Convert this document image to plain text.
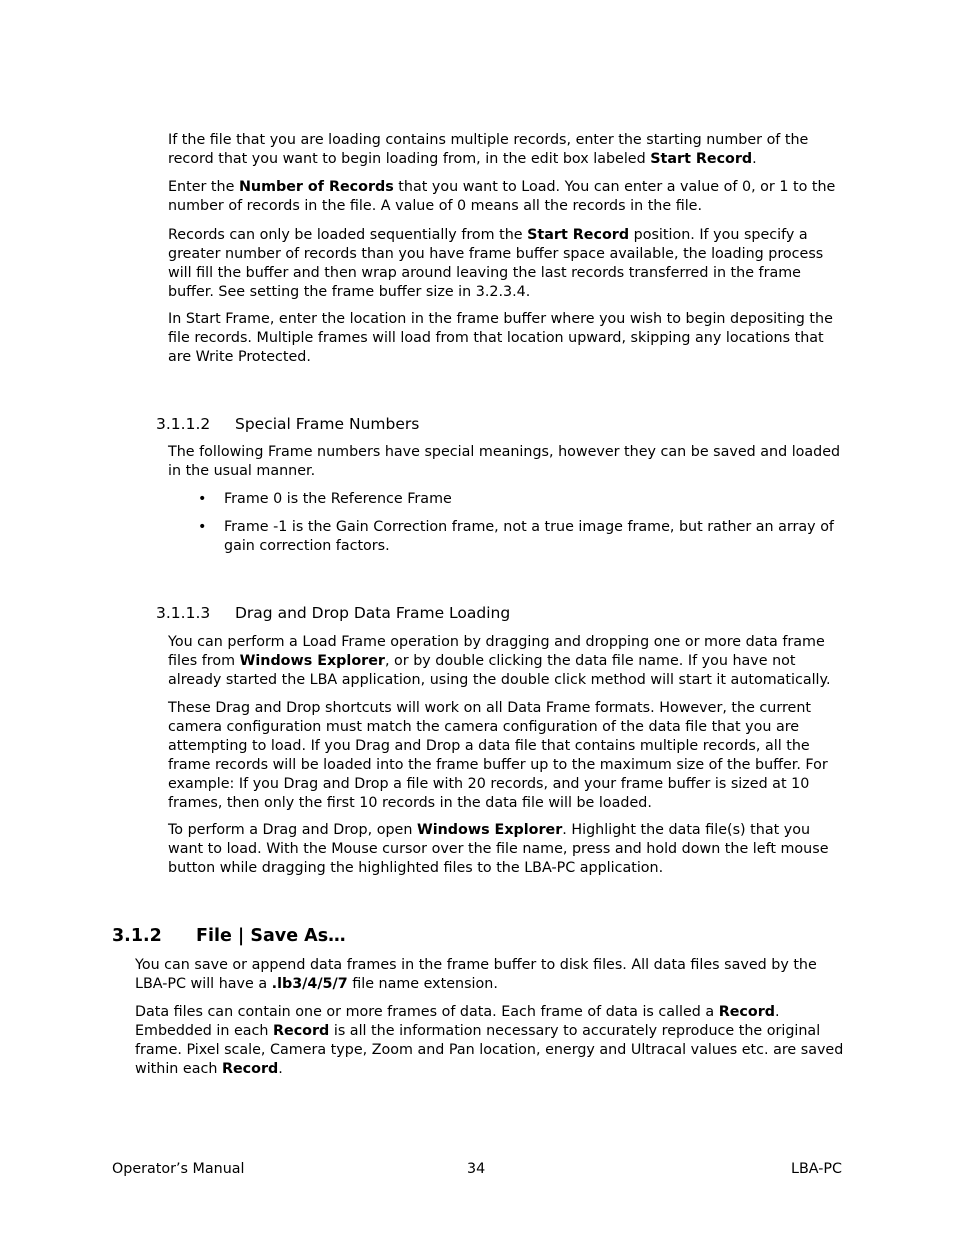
If the file that you are loading contains multiple records, enter the starting number of the record that you want to begin loading from, in the edit box labeled Start Record.

Enter the Number of Records that you want to Load. You can enter a value of 0, or 1 to the number of records in the file. A value of 0 means all the records in the file.

Records can only be loaded sequentially from the Start Record position. If you specify a greater number of records than you have frame buffer space available, the loading process will fill the buffer and then wrap around leaving the last records transferred in the frame buffer. See setting the frame buffer size in 3.2.3.4.

In Start Frame, enter the location in the frame buffer where you wish to begin depositing the file records. Multiple frames will load from that location upward, skipping any locations that are Write Protected.

3.1.1.2 Special Frame Numbers

The following Frame numbers have special meanings, however they can be saved and loaded in the usual manner.

• Frame 0 is the Reference Frame
• Frame -1 is the Gain Correction frame, not a true image frame, but rather an array of gain correction factors.
3.1.1.3 Drag and Drop Data Frame Loading

You can perform a Load Frame operation by dragging and dropping one or more data frame files from Windows Explorer, or by double clicking the data file name. If you have not already started the LBA application, using the double click method will start it automatically.

These Drag and Drop shortcuts will work on all Data Frame formats. However, the current camera configuration must match the camera configuration of the data file that you are attempting to load. If you Drag and Drop a data file that contains multiple records, all the frame records will be loaded into the frame buffer up to the maximum size of the buffer. For example: If you Drag and Drop a file with 20 records, and your frame buffer is sized at 10 frames, then only the first 10 records in the data file will be loaded.

To perform a Drag and Drop, open Windows Explorer. Highlight the data file(s) that you want to load. With the Mouse cursor over the file name, press and hold down the left mouse button while dragging the highlighted files to the LBA-PC application.

3.1.2 File | Save As…

You can save or append data frames in the frame buffer to disk files. All data files saved by the LBA-PC will have a .lb3/4/5/7 file name extension.

Data files can contain one or more frames of data. Each frame of data is called a Record. Embedded in each Record is all the information necessary to accurately reproduce the original frame. Pixel scale, Camera type, Zoom and Pan location, energy and Ultracal values etc. are saved within each Record.

Operator’s Manual	34	LBA-PC
